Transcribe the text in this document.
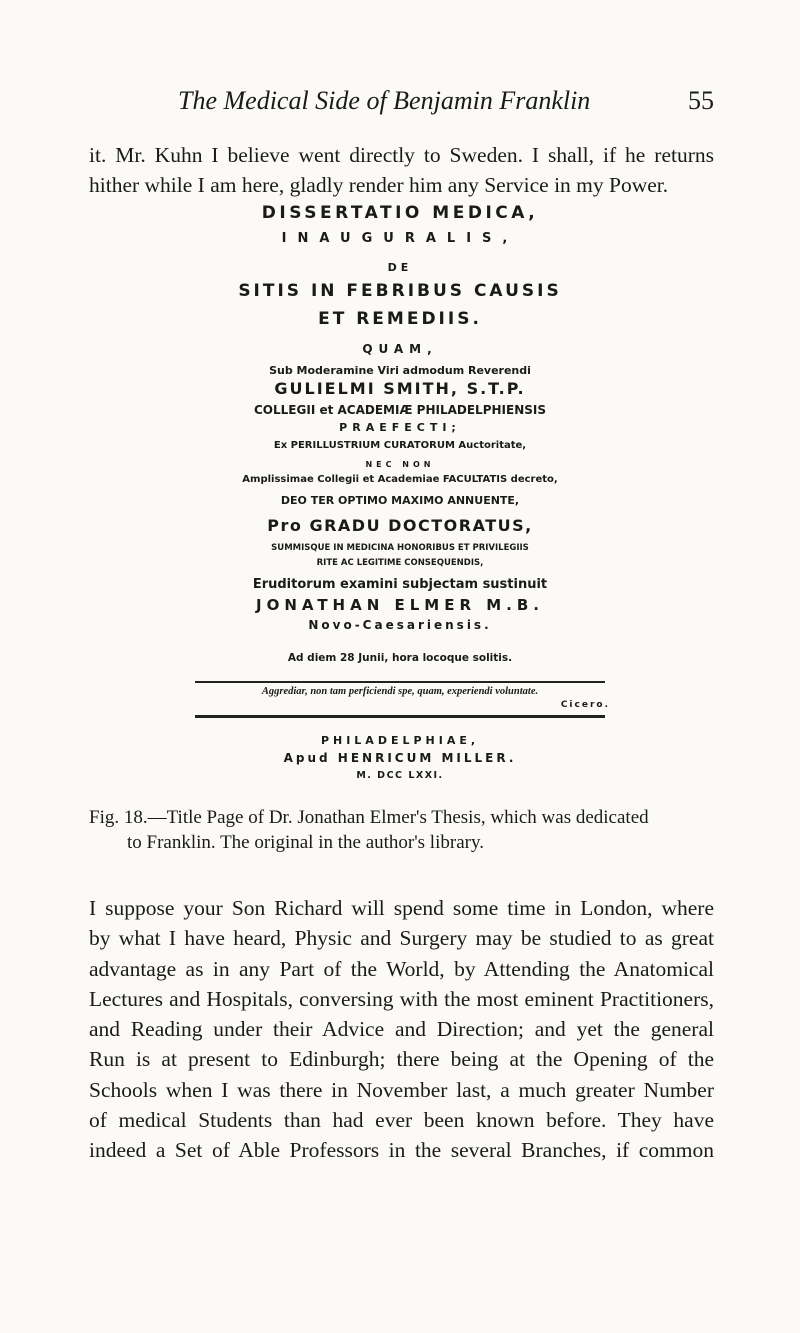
The Medical Side of Benjamin Franklin	55
it. Mr. Kuhn I believe went directly to Sweden. I shall, if he returns
hither while I am here, gladly render him any Service in my Power.
DISSERTATIO MEDICA,
INAUGURALIS,
DE
SITIS IN FEBRIBUS CAUSIS
ET REMEDIIS.
QUAM,
Sub Moderamine Viri admodum Reverendi
GULIELMI SMITH, S.T.P.
COLLEGII et ACADEMIÆ PHILADELPHIENSIS
PRAEFECTI;
Ex PERILLUSTRIUM CURATORUM Auctoritate,
NEC NON
Amplissimae Collegii et Academiae FACULTATIS decreto,
DEO TER OPTIMO MAXIMO ANNUENTE,
Pro GRADU DOCTORATUS,
SUMMISQUE IN MEDICINA HONORIBUS ET PRIVILEGIIS
RITE AC LEGITIME CONSEQUENDIS,
Eruditorum examini subjectam sustinuit
JONATHAN ELMER M.B.
Novo-Caesariensis.
Ad diem 28 Junii, hora locoque solitis.
Aggrediar, non tam perficiendi spe, quam, experiendi voluntate.
Cicero.
PHILADELPHIAE,
Apud HENRICUM MILLER.
M. DCC LXXI.
Fig. 18.—Title Page of Dr. Jonathan Elmer's Thesis, which was dedicated
to Franklin. The original in the author's library.
I suppose your Son Richard will spend some time in London, where
by what I have heard, Physic and Surgery may be studied to as great
advantage as in any Part of the World, by Attending the Anatomical
Lectures and Hospitals, conversing with the most eminent Practitioners,
and Reading under their Advice and Direction; and yet the general
Run is at present to Edinburgh; there being at the Opening of the
Schools when I was there in November last, a much greater Number
of medical Students than had ever been known before. They have
indeed a Set of Able Professors in the several Branches, if common
